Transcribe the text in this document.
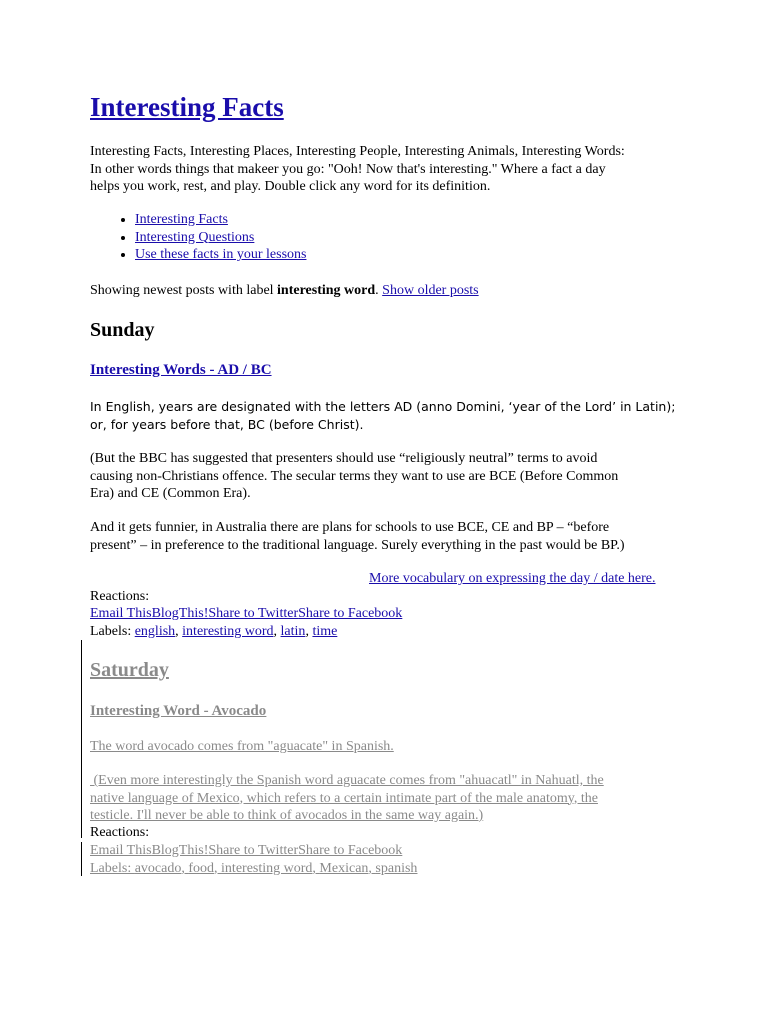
Interesting Facts
Interesting Facts, Interesting Places, Interesting People, Interesting Animals, Interesting Words:
In other words things that makeer you go: "Ooh! Now that's interesting." Where a fact a day
helps you work, rest, and play. Double click any word for its definition.
• Interesting Facts
• Interesting Questions
• Use these facts in your lessons

Showing newest posts with label interesting word. Show older posts

Sunday
Interesting Words - AD / BC
In English, years are designated with the letters AD (anno Domini, ‘year of the Lord’ in Latin);
or, for years before that, BC (before Christ).
(But the BBC has suggested that presenters should use “religiously neutral” terms to avoid
causing non-Christians offence. The secular terms they want to use are BCE (Before Common
Era) and CE (Common Era).
And it gets funnier, in Australia there are plans for schools to use BCE, CE and BP – “before
present” – in preference to the traditional language. Surely everything in the past would be BP.)
More vocabulary on expressing the day / date here.
Reactions:
Email ThisBlogThis!Share to TwitterShare to Facebook
Labels: english, interesting word, latin, time
Saturday
Interesting Word - Avocado
The word avocado comes from "aguacate" in Spanish.
(Even more interestingly the Spanish word aguacate comes from "ahuacatl" in Nahuatl, the
native language of Mexico, which refers to a certain intimate part of the male anatomy, the
testicle. I'll never be able to think of avocados in the same way again.)
Reactions:
Email ThisBlogThis!Share to TwitterShare to Facebook
Labels: avocado, food, interesting word, Mexican, spanish
